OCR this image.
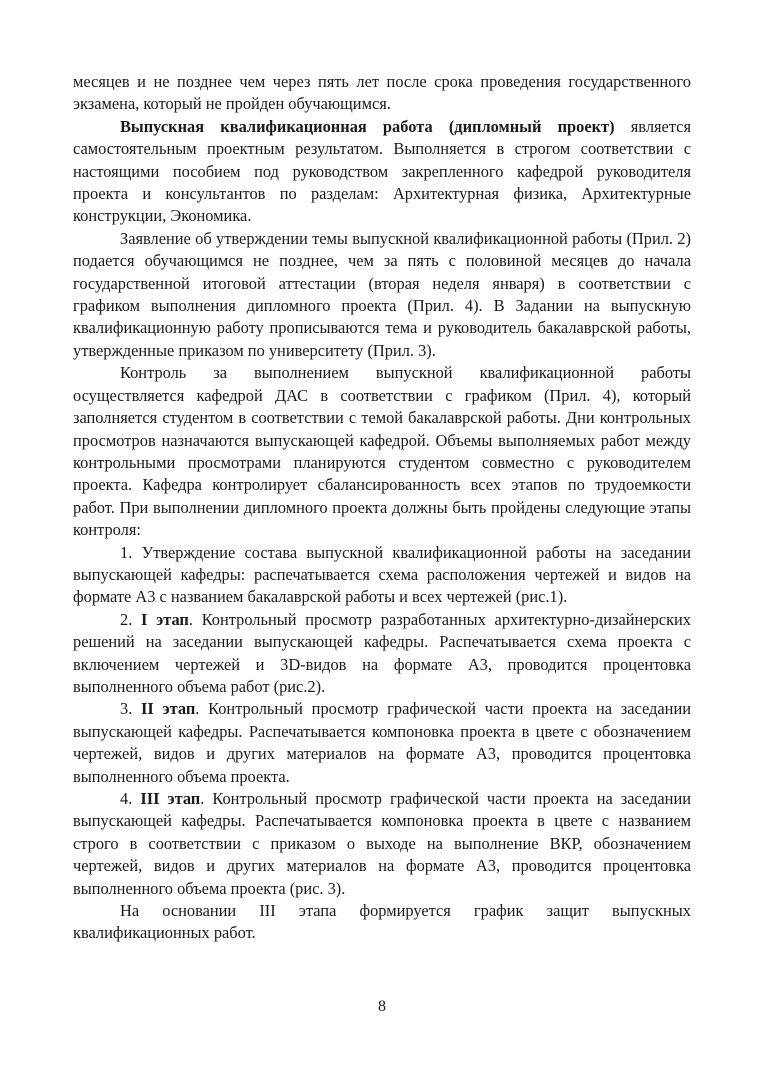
месяцев и не позднее чем через пять лет после срока проведения государственного экзамена, который не пройден обучающимся.

Выпускная квалификационная работа (дипломный проект) является самостоятельным проектным результатом. Выполняется в строгом соответствии с настоящими пособием под руководством закрепленного кафедрой руководителя проекта и консультантов по разделам: Архитектурная физика, Архитектурные конструкции, Экономика.

Заявление об утверждении темы выпускной квалификационной работы (Прил. 2) подается обучающимся не позднее, чем за пять с половиной месяцев до начала государственной итоговой аттестации (вторая неделя января) в соответствии с графиком выполнения дипломного проекта (Прил. 4). В Задании на выпускную квалификационную работу прописываются тема и руководитель бакалаврской работы, утвержденные приказом по университету (Прил. 3).

Контроль за выполнением выпускной квалификационной работы осуществляется кафедрой ДАС в соответствии с графиком (Прил. 4), который заполняется студентом в соответствии с темой бакалаврской работы. Дни контрольных просмотров назначаются выпускающей кафедрой. Объемы выполняемых работ между контрольными просмотрами планируются студентом совместно с руководителем проекта. Кафедра контролирует сбалансированность всех этапов по трудоемкости работ. При выполнении дипломного проекта должны быть пройдены следующие этапы контроля:

1. Утверждение состава выпускной квалификационной работы на заседании выпускающей кафедры: распечатывается схема расположения чертежей и видов на формате А3 с названием бакалаврской работы и всех чертежей (рис.1).

2. I этап. Контрольный просмотр разработанных архитектурно-дизайнерских решений на заседании выпускающей кафедры. Распечатывается схема проекта с включением чертежей и 3D-видов на формате А3, проводится процентовка выполненного объема работ (рис.2).

3. II этап. Контрольный просмотр графической части проекта на заседании выпускающей кафедры. Распечатывается компоновка проекта в цвете с обозначением чертежей, видов и других материалов на формате А3, проводится процентовка выполненного объема проекта.

4. III этап. Контрольный просмотр графической части проекта на заседании выпускающей кафедры. Распечатывается компоновка проекта в цвете с названием строго в соответствии с приказом о выходе на выполнение ВКР, обозначением чертежей, видов и других материалов на формате А3, проводится процентовка выполненного объема проекта (рис. 3).

На основании III этапа формируется график защит выпускных квалификационных работ.

8
